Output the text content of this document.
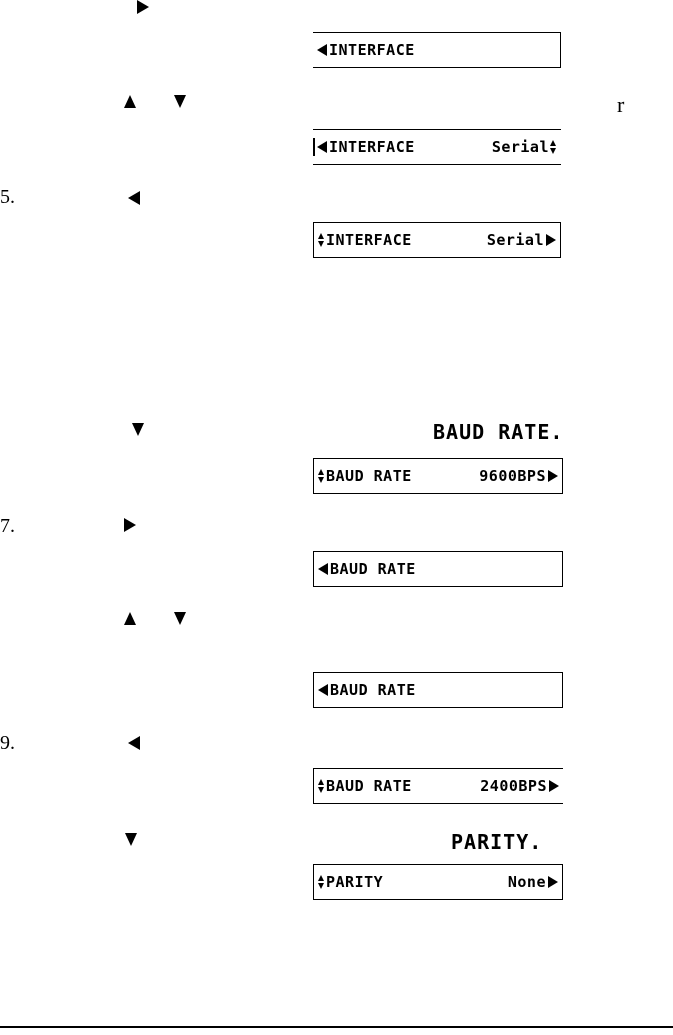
r
5.
BAUD RATE.
7.
9.
PARITY.
INTERFACE
INTERFACE	Serial
INTERFACE	Serial
BAUD RATE	9600BPS
BAUD RATE
BAUD RATE
BAUD RATE	2400BPS
PARITY	None
